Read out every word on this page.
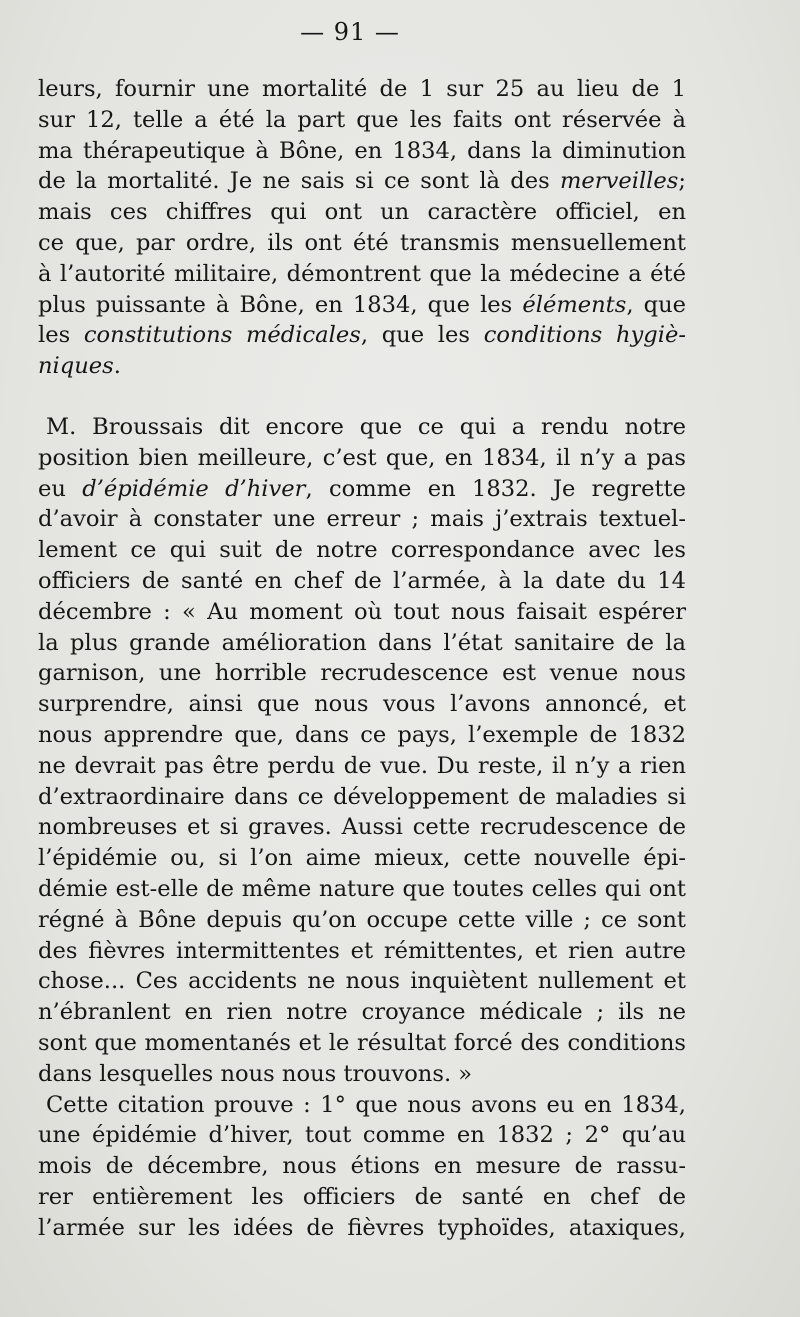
— 91 —
leurs, fournir une mortalité de 1 sur 25 au lieu de 1
sur 12, telle a été la part que les faits ont réservée à
ma thérapeutique à Bône, en 1834, dans la diminution
de la mortalité. Je ne sais si ce sont là des merveilles;
mais ces chiffres qui ont un caractère officiel, en
ce que, par ordre, ils ont été transmis mensuellement
à l’autorité militaire, démontrent que la médecine a été
plus puissante à Bône, en 1834, que les éléments, que
les constitutions médicales, que les conditions hygiè-
niques.
M. Broussais dit encore que ce qui a rendu notre
position bien meilleure, c’est que, en 1834, il n’y a pas
eu d’épidémie d’hiver, comme en 1832. Je regrette
d’avoir à constater une erreur ; mais j’extrais textuel-
lement ce qui suit de notre correspondance avec les
officiers de santé en chef de l’armée, à la date du 14
décembre : « Au moment où tout nous faisait espérer
la plus grande amélioration dans l’état sanitaire de la
garnison, une horrible recrudescence est venue nous
surprendre, ainsi que nous vous l’avons annoncé, et
nous apprendre que, dans ce pays, l’exemple de 1832
ne devrait pas être perdu de vue. Du reste, il n’y a rien
d’extraordinaire dans ce développement de maladies si
nombreuses et si graves. Aussi cette recrudescence de
l’épidémie ou, si l’on aime mieux, cette nouvelle épi-
démie est-elle de même nature que toutes celles qui ont
régné à Bône depuis qu’on occupe cette ville ; ce sont
des fièvres intermittentes et rémittentes, et rien autre
chose... Ces accidents ne nous inquiètent nullement et
n’ébranlent en rien notre croyance médicale ; ils ne
sont que momentanés et le résultat forcé des conditions
dans lesquelles nous nous trouvons. »
Cette citation prouve : 1° que nous avons eu en 1834,
une épidémie d’hiver, tout comme en 1832 ; 2° qu’au
mois de décembre, nous étions en mesure de rassu-
rer entièrement les officiers de santé en chef de
l’armée sur les idées de fièvres typhoïdes, ataxiques,
